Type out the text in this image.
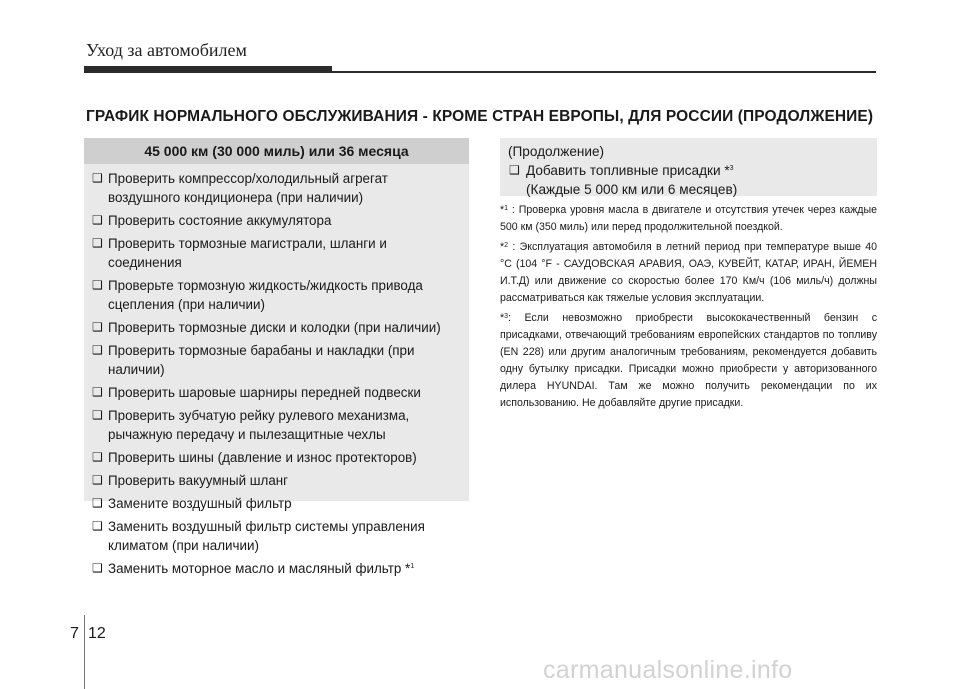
Уход за автомобилем
ГРАФИК НОРМАЛЬНОГО ОБСЛУЖИВАНИЯ - КРОМЕ СТРАН ЕВРОПЫ, ДЛЯ РОССИИ (ПРОДОЛЖЕНИЕ)
45 000 км (30 000 миль) или 36 месяца
❑ Проверить компрессор/холодильный агрегат
воздушного кондиционера (при наличии)
❑ Проверить состояние аккумулятора
❑ Проверить тормозные магистрали, шланги и соединения
❑ Проверьте тормозную жидкость/жидкость привода
сцепления (при наличии)
❑ Проверить тормозные диски и колодки (при наличии)
❑ Проверить тормозные барабаны и накладки (при наличии)
❑ Проверить шаровые шарниры передней подвески
❑ Проверить зубчатую рейку рулевого механизма,
рычажную передачу и пылезащитные чехлы
❑ Проверить шины (давление и износ протекторов)
❑ Проверить вакуумный шланг
❑ Замените воздушный фильтр
❑ Заменить воздушный фильтр системы управления
климатом (при наличии)
❑ Заменить моторное масло и масляный фильтр *$^1$
(Продолжение)
❑ Добавить топливные присадки *$^3$
(Каждые 5 000 км или 6 месяцев)
*$^1$ : Проверка уровня масла в двигателе и отсутствия утечек через каждые 500 км (350 миль) или перед продолжительной поездкой.
*$^2$ : Эксплуатация автомобиля в летний период при температуре выше 40 °C (104 °F - САУДОВСКАЯ АРАВИЯ, ОАЭ, КУВЕЙТ, КАТАР, ИРАН, ЙЕМЕН И.Т.Д) или движение со скоростью более 170 Км/ч (106 миль/ч) должны рассматриваться как тяжелые условия эксплуатации.
*$^3$: Если невозможно приобрести высококачественный бензин с присадками, отвечающий требованиям европейских стандартов по топливу (EN 228) или другим аналогичным требованиям, рекомендуется добавить одну бутылку присадки. Присадки можно приобрести у авторизованного дилера HYUNDAI. Там же можно получить рекомендации по их использованию. Не добавляйте другие присадки.
7 12
carmanualsonline.info
